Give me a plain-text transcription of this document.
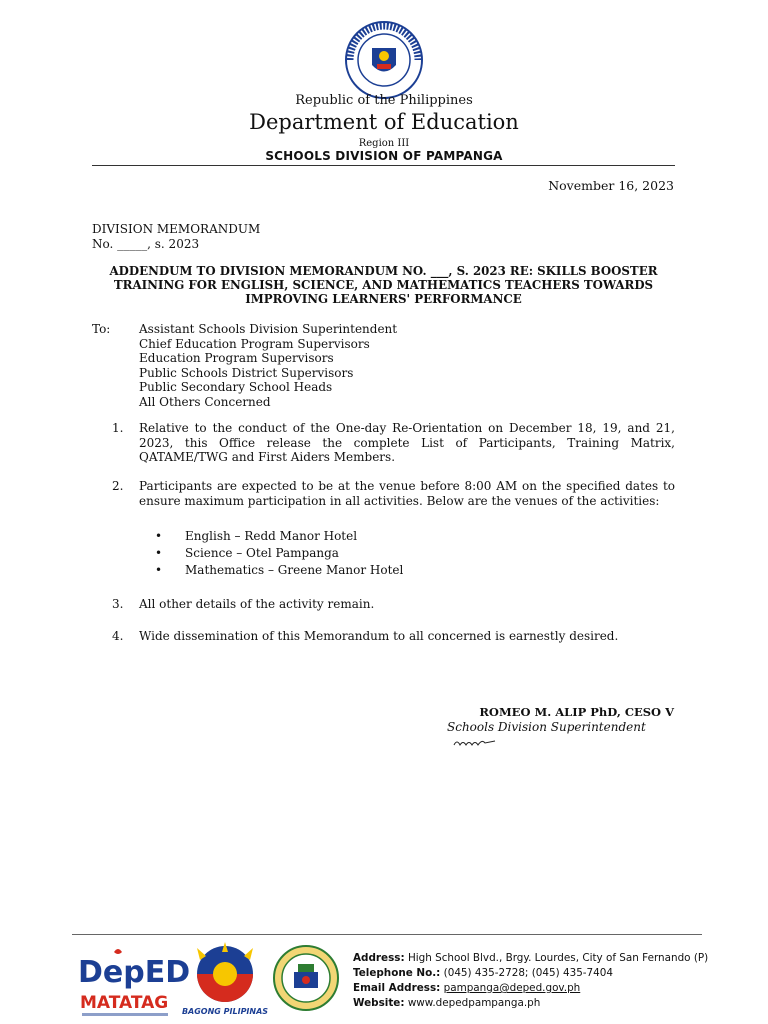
Republic of the Philippines
Department of Education
Region III
SCHOOLS DIVISION OF PAMPANGA
November 16, 2023
DIVISION MEMORANDUM
No. _____, s. 2023
ADDENDUM TO DIVISION MEMORANDUM NO. ___, S. 2023 RE: SKILLS BOOSTER
TRAINING FOR ENGLISH, SCIENCE, AND MATHEMATICS TEACHERS TOWARDS
IMPROVING LEARNERS' PERFORMANCE
To: Assistant Schools Division Superintendent
Chief Education Program Supervisors
Education Program Supervisors
Public Schools District Supervisors
Public Secondary School Heads
All Others Concerned
1.	Relative to the conduct of the One-day Re-Orientation on December 18, 19, and 21, 2023, this Office release the complete List of Participants, Training Matrix, QATAME/TWG and First Aiders Members.
2.	Participants are expected to be at the venue before 8:00 AM on the specified dates to ensure maximum participation in all activities. Below are the venues of the activities:
• English – Redd Manor Hotel
• Science – Otel Pampanga
• Mathematics – Greene Manor Hotel
3.	All other details of the activity remain.
4.	Wide dissemination of this Memorandum to all concerned is earnestly desired.
ROMEO M. ALIP PhD, CESO V
Schools Division Superintendent
DepED
MATATAG BAGONG PILIPINAS
Address: High School Blvd., Brgy. Lourdes, City of San Fernando (P)
Telephone No.: (045) 435-2728; (045) 435-7404
Email Address: pampanga@deped.gov.ph
Website: www.depedpampanga.ph
